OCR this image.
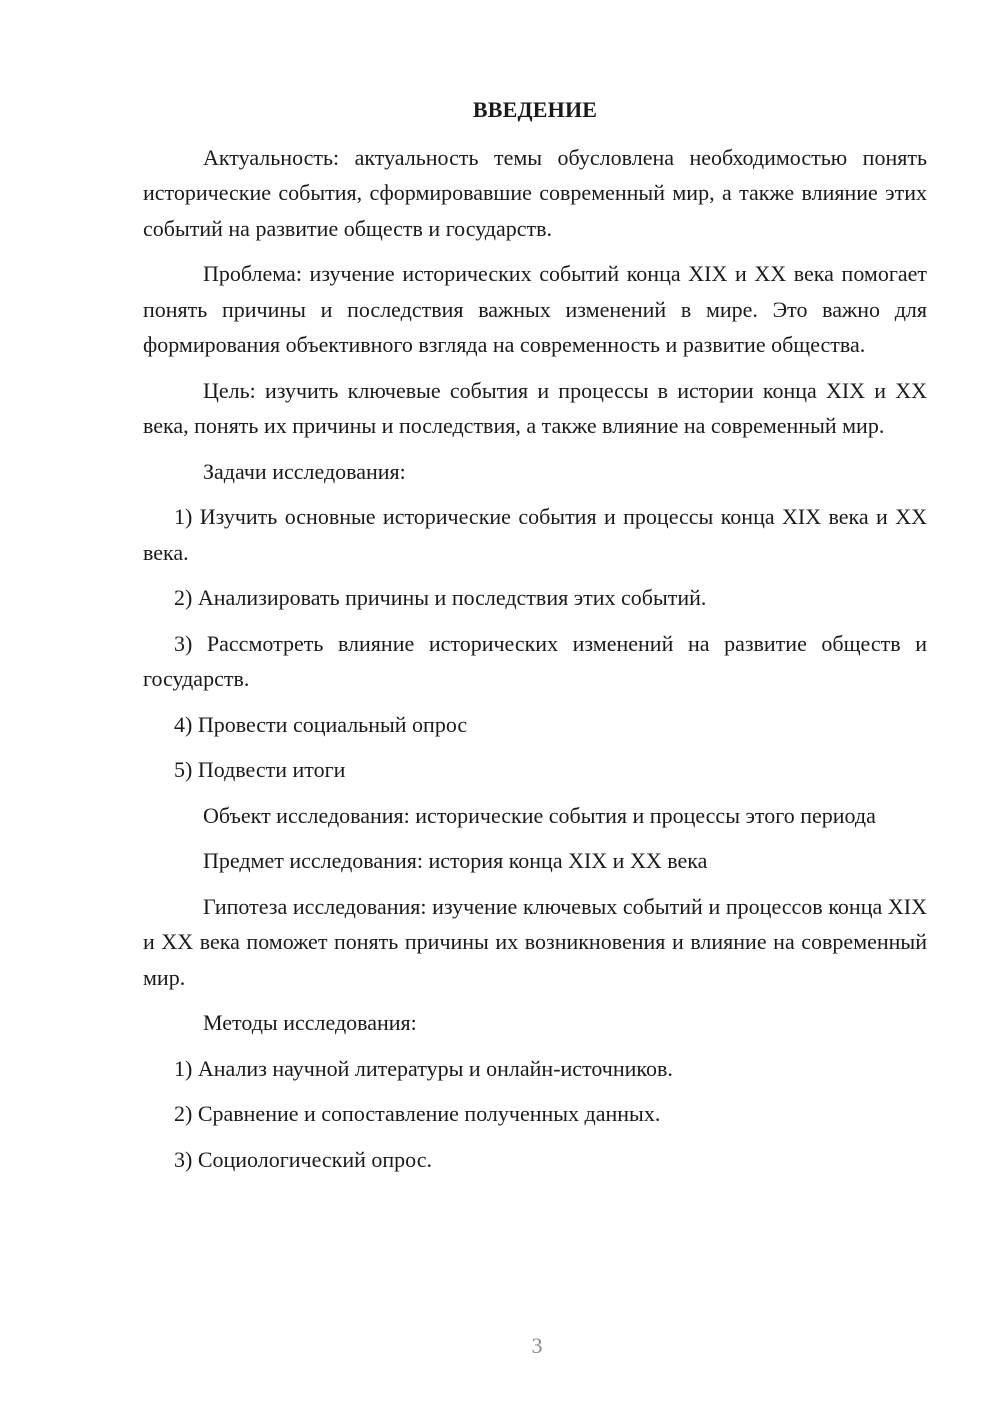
ВВЕДЕНИЕ

Актуальность: актуальность темы обусловлена необходимостью понять исторические события, сформировавшие современный мир, а также влияние этих событий на развитие обществ и государств.

Проблема: изучение исторических событий конца XIX и XX века помогает понять причины и последствия важных изменений в мире. Это важно для формирования объективного взгляда на современность и развитие общества.

Цель: изучить ключевые события и процессы в истории конца XIX и XX века, понять их причины и последствия, а также влияние на современный мир.

Задачи исследования:

1) Изучить основные исторические события и процессы конца XIX века и XX века.

2) Анализировать причины и последствия этих событий.

3) Рассмотреть влияние исторических изменений на развитие обществ и государств.

4) Провести социальный опрос

5) Подвести итоги

Объект исследования: исторические события и процессы этого периода

Предмет исследования: история конца XIX и XX века

Гипотеза исследования: изучение ключевых событий и процессов конца XIX и XX века поможет понять причины их возникновения и влияние на современный мир.

Методы исследования:

1) Анализ научной литературы и онлайн-источников.

2) Сравнение и сопоставление полученных данных.

3) Социологический опрос.

3
